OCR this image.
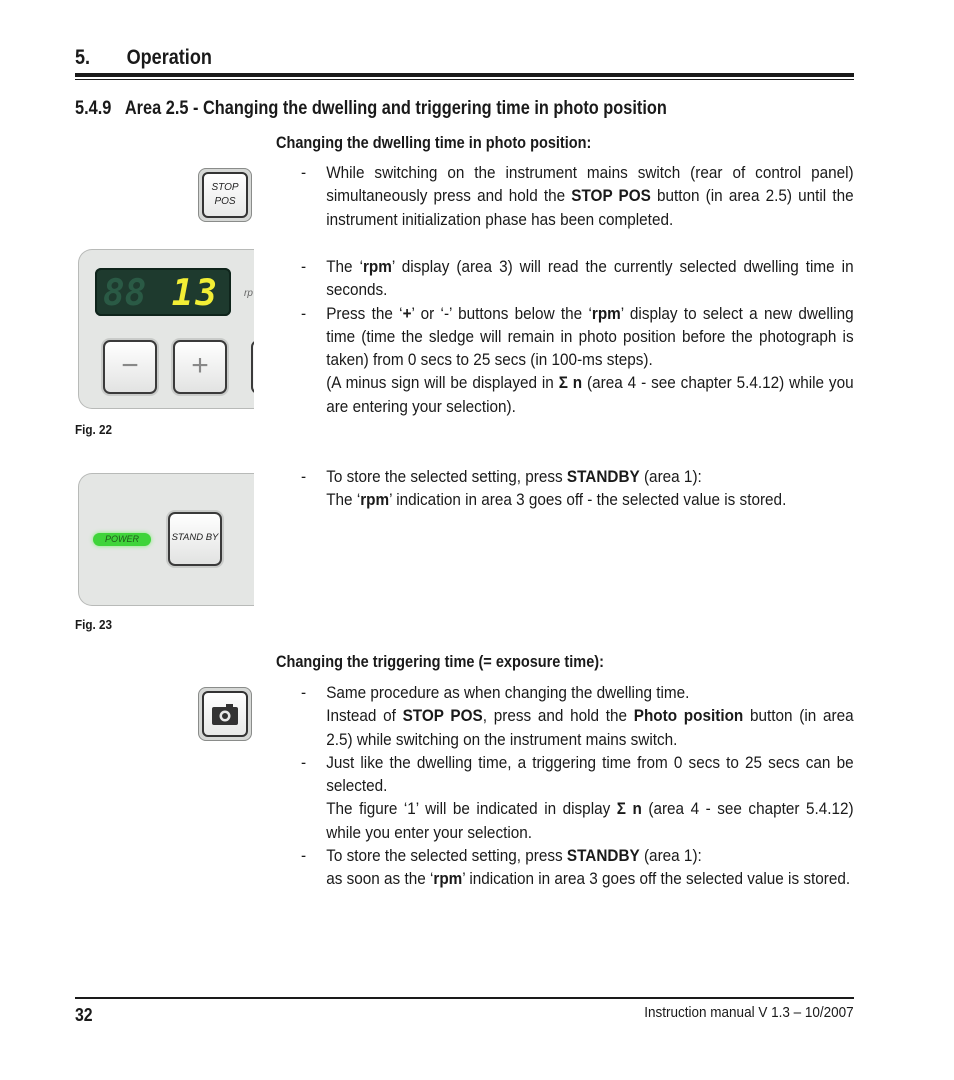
5. Operation
5.4.9 Area 2.5 - Changing the dwelling and triggering time in photo position
Changing the dwelling time in photo position:
STOP
POS
- While switching on the instrument mains switch (rear of control panel) simultaneously press and hold the STOP POS button (in area 2.5) until the instrument initialization phase has been completed.
88 13	rp
−	+
Fig. 22
- The ‘rpm’ display (area 3) will read the currently selected dwelling time in seconds.
- Press the ‘+’ or ‘-’ buttons below the ‘rpm’ display to select a new dwelling time (time the sledge will remain in photo position before the photograph is taken) from 0 secs to 25 secs (in 100-ms steps).
(A minus sign will be displayed in Σ n (area 4 - see chapter 5.4.12) while you are entering your selection).
- To store the selected setting, press STANDBY (area 1):
The ‘rpm’ indication in area 3 goes off - the selected value is stored.
POWER	STAND BY
Fig. 23
Changing the triggering time (= exposure time):
- Same procedure as when changing the dwelling time.
Instead of STOP POS, press and hold the Photo position button (in area 2.5) while switching on the instrument mains switch.
- Just like the dwelling time, a triggering time from 0 secs to 25 secs can be selected.
The figure ‘1’ will be indicated in display Σ n (area 4 - see chapter 5.4.12) while you enter your selection.
- To store the selected setting, press STANDBY (area 1):
as soon as the ‘rpm’ indication in area 3 goes off the selected value is stored.
32	Instruction manual V 1.3 – 10/2007
